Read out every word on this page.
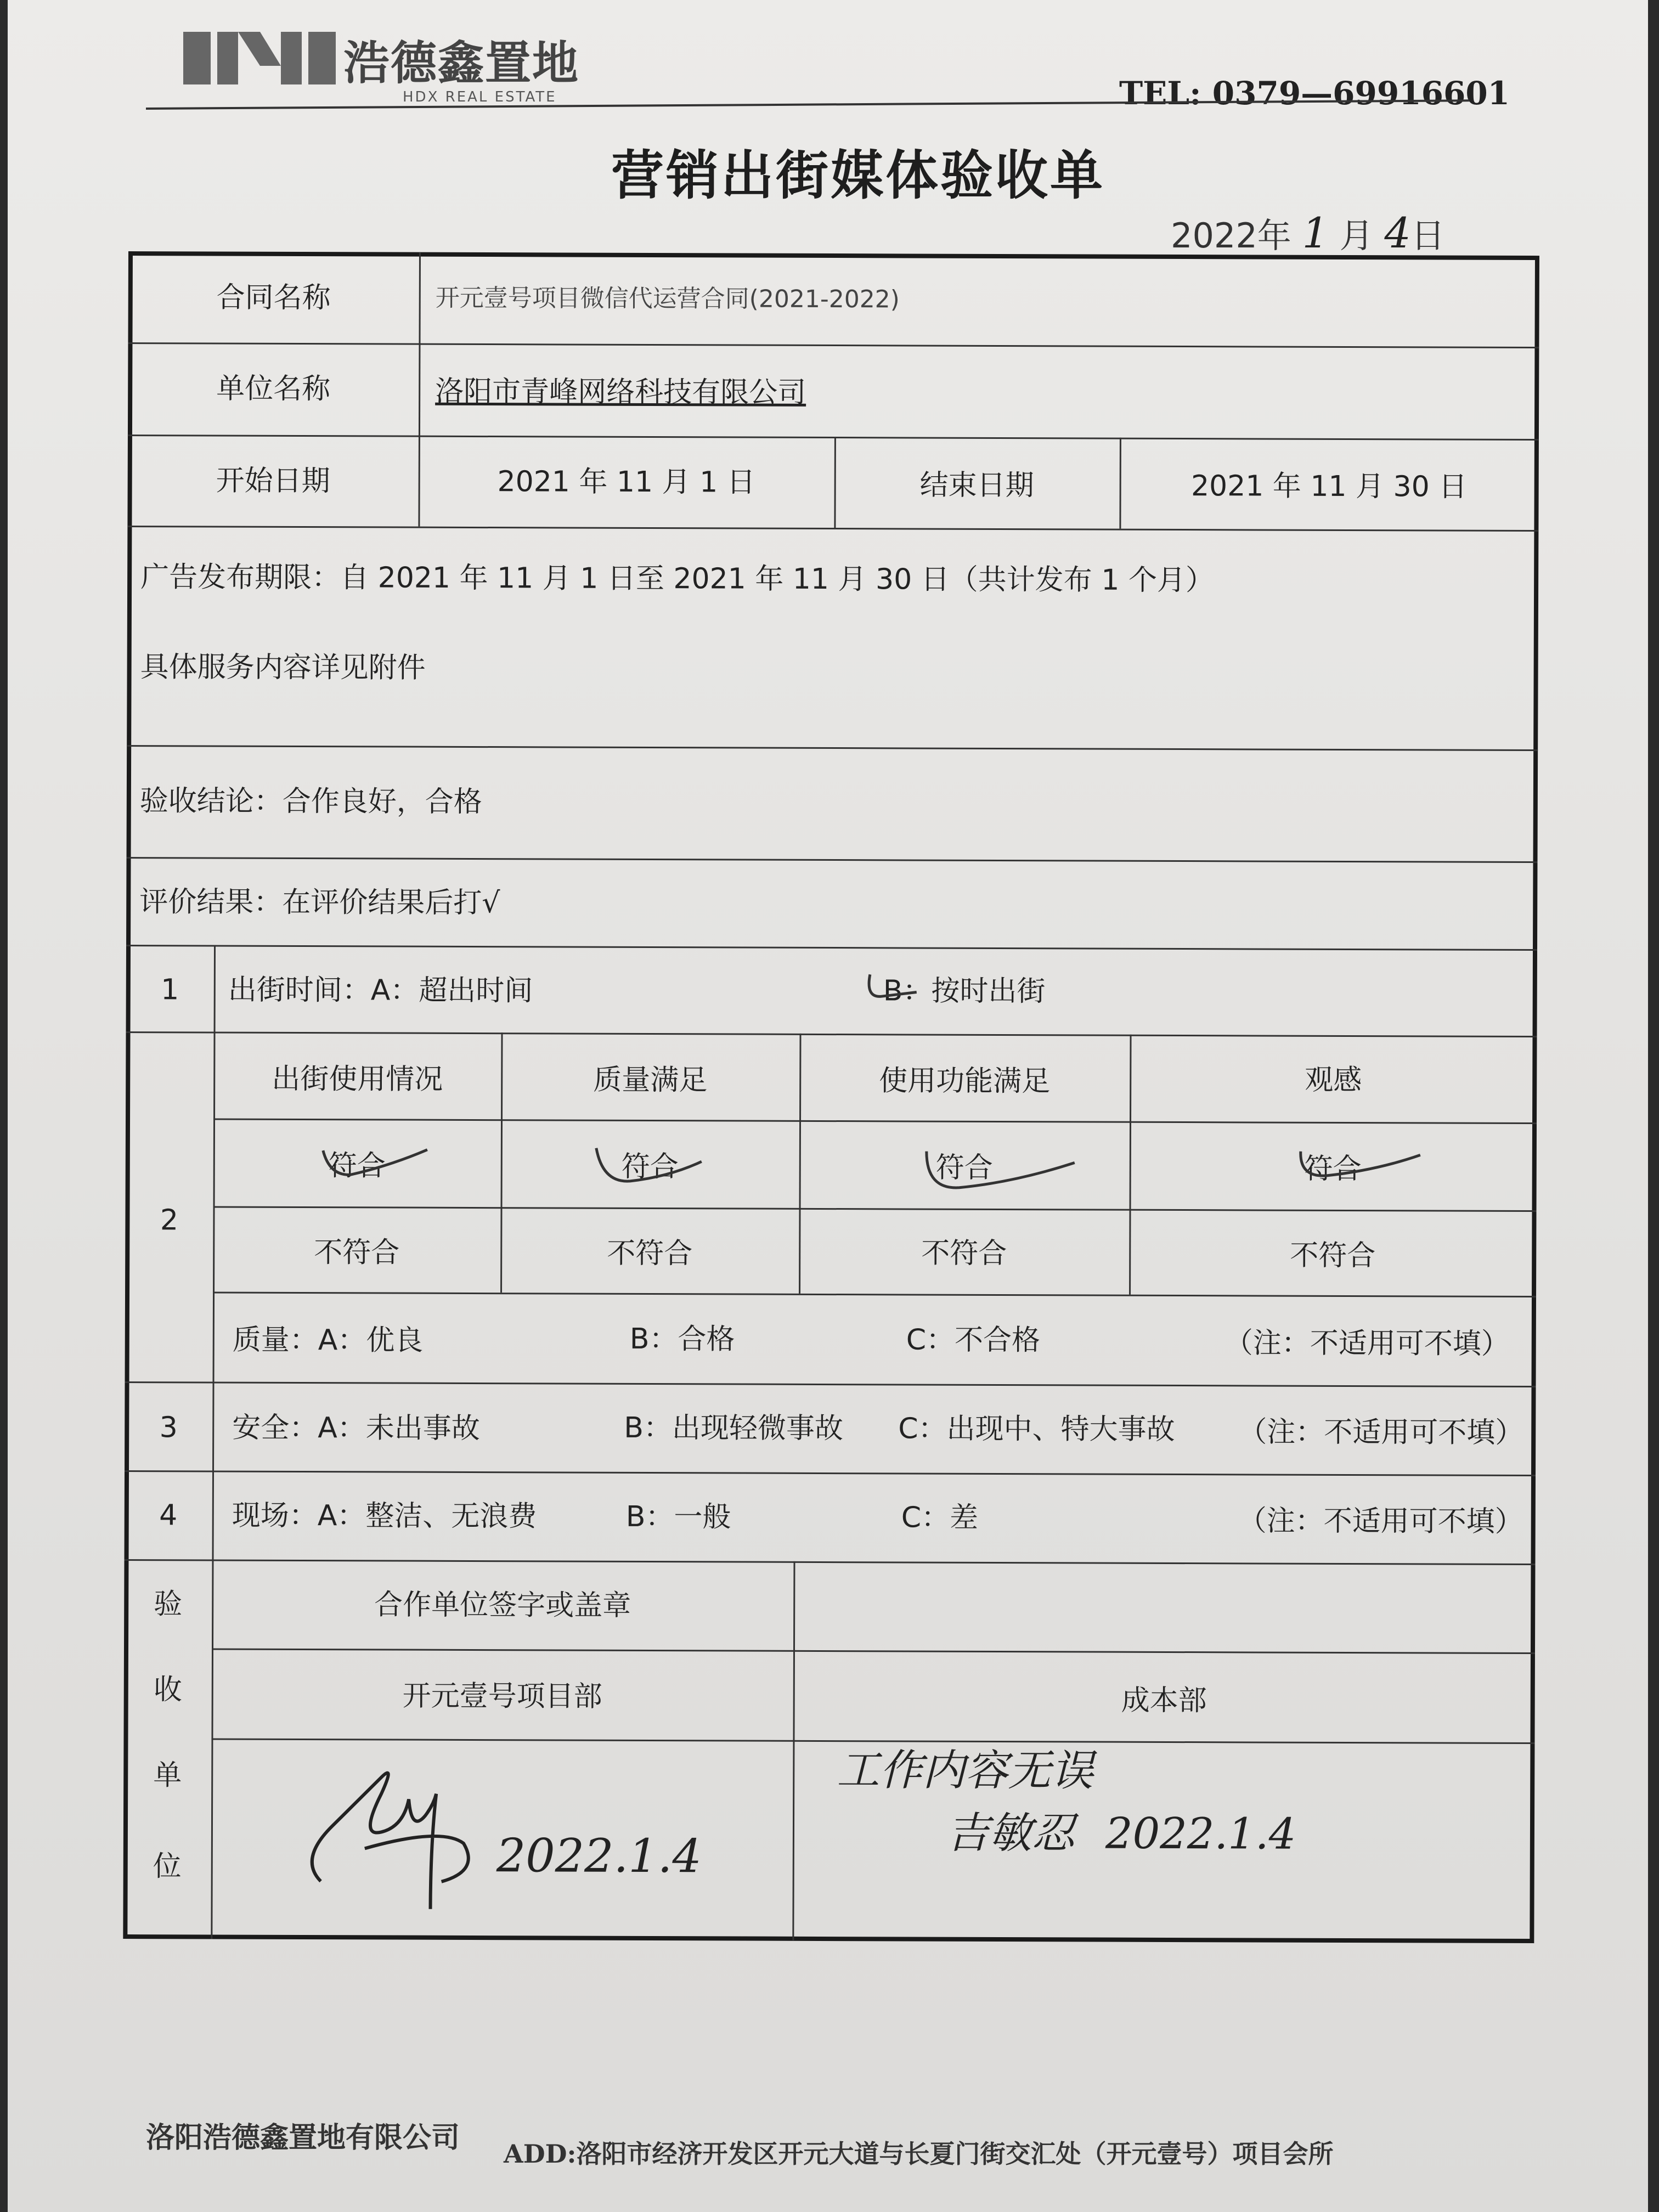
浩德鑫置地
HDX REAL ESTATE	TEL: 0379—69916601
营销出街媒体验收单
2022年 1 月 4日
合同名称	开元壹号项目微信代运营合同(2021-2022)
单位名称	洛阳市青峰网络科技有限公司
开始日期	2021 年 11 月 1 日	结束日期	2021 年 11 月 30 日
广告发布期限：自 2021 年 11 月 1 日至 2021 年 11 月 30 日（共计发布 1 个月）
具体服务内容详见附件
验收结论：合作良好，合格
评价结果：在评价结果后打√
1	出街时间：A：超出时间	B：按时出街
2
出街使用情况	质量满足	使用功能满足	观感
符合	符合	符合	符合
不符合	不符合	不符合	不符合
质量：A：优良	B：合格	C：不合格	（注：不适用可不填）
3	安全：A：未出事故	B：出现轻微事故 C：出现中、特大事故 （注：不适用可不填）
4	现场：A：整洁、无浪费	B：一般	C：差	（注：不适用可不填）
验
收
单
位
合作单位签字或盖章
开元壹号项目部	成本部
2022.1.4
工作内容无误
吉敏忍 2022.1.4
洛阳浩德鑫置地有限公司 ADD:洛阳市经济开发区开元大道与长夏门街交汇处（开元壹号）项目会所
